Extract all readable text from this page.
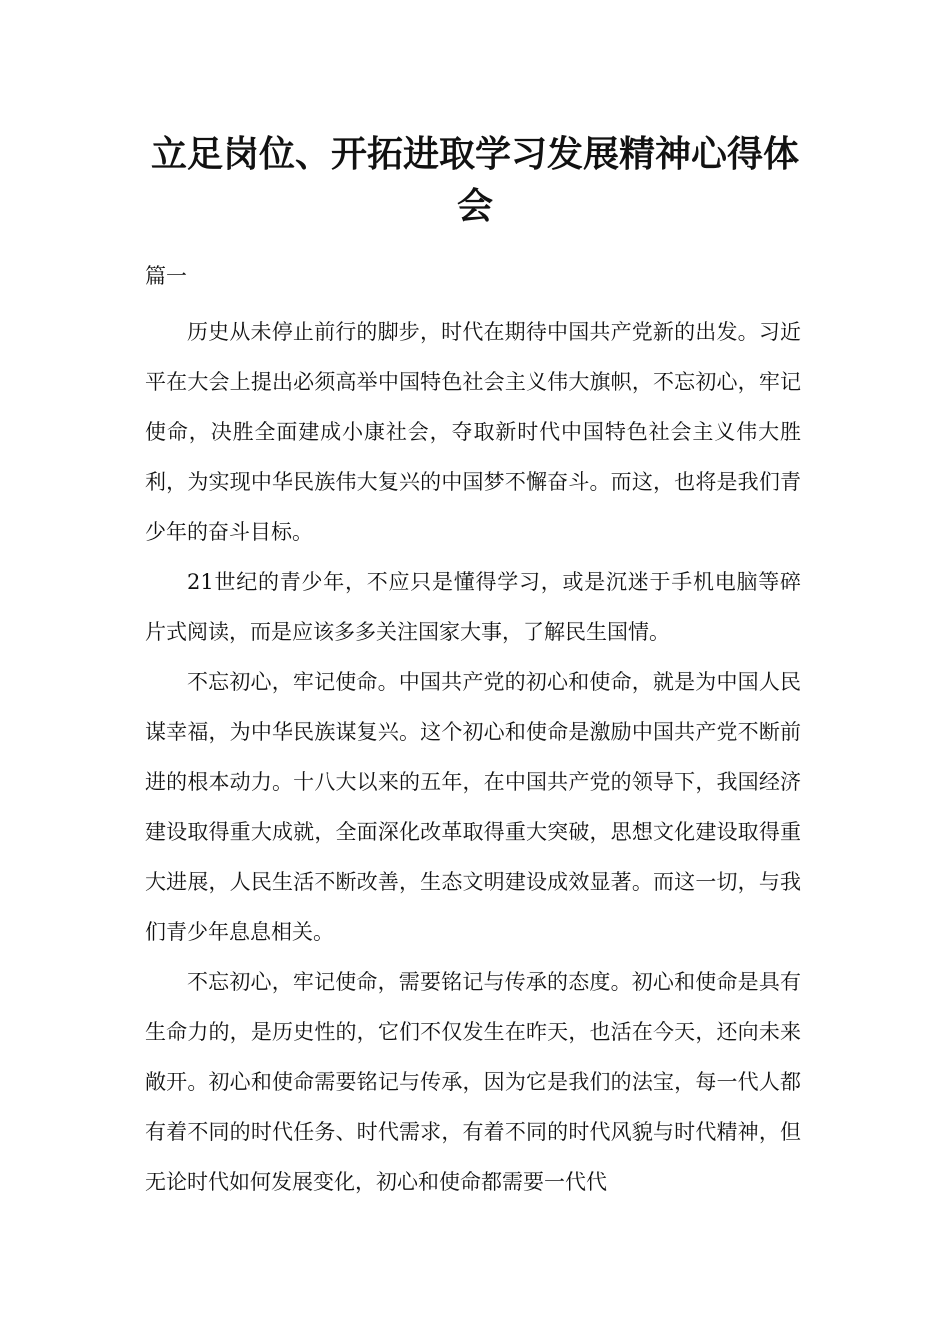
立足岗位、开拓进取学习发展精神心得体会

篇一

历史从未停止前行的脚步，时代在期待中国共产党新的出发。习近平在大会上提出必须高举中国特色社会主义伟大旗帜，不忘初心，牢记使命，决胜全面建成小康社会，夺取新时代中国特色社会主义伟大胜利，为实现中华民族伟大复兴的中国梦不懈奋斗。而这，也将是我们青少年的奋斗目标。

21世纪的青少年，不应只是懂得学习，或是沉迷于手机电脑等碎片式阅读，而是应该多多关注国家大事，了解民生国情。

不忘初心，牢记使命。中国共产党的初心和使命，就是为中国人民谋幸福，为中华民族谋复兴。这个初心和使命是激励中国共产党不断前进的根本动力。十八大以来的五年，在中国共产党的领导下，我国经济建设取得重大成就，全面深化改革取得重大突破，思想文化建设取得重大进展，人民生活不断改善，生态文明建设成效显著。而这一切，与我们青少年息息相关。

不忘初心，牢记使命，需要铭记与传承的态度。初心和使命是具有生命力的，是历史性的，它们不仅发生在昨天，也活在今天，还向未来敞开。初心和使命需要铭记与传承，因为它是我们的法宝，每一代人都有着不同的时代任务、时代需求，有着不同的时代风貌与时代精神，但无论时代如何发展变化，初心和使命都需要一代代
